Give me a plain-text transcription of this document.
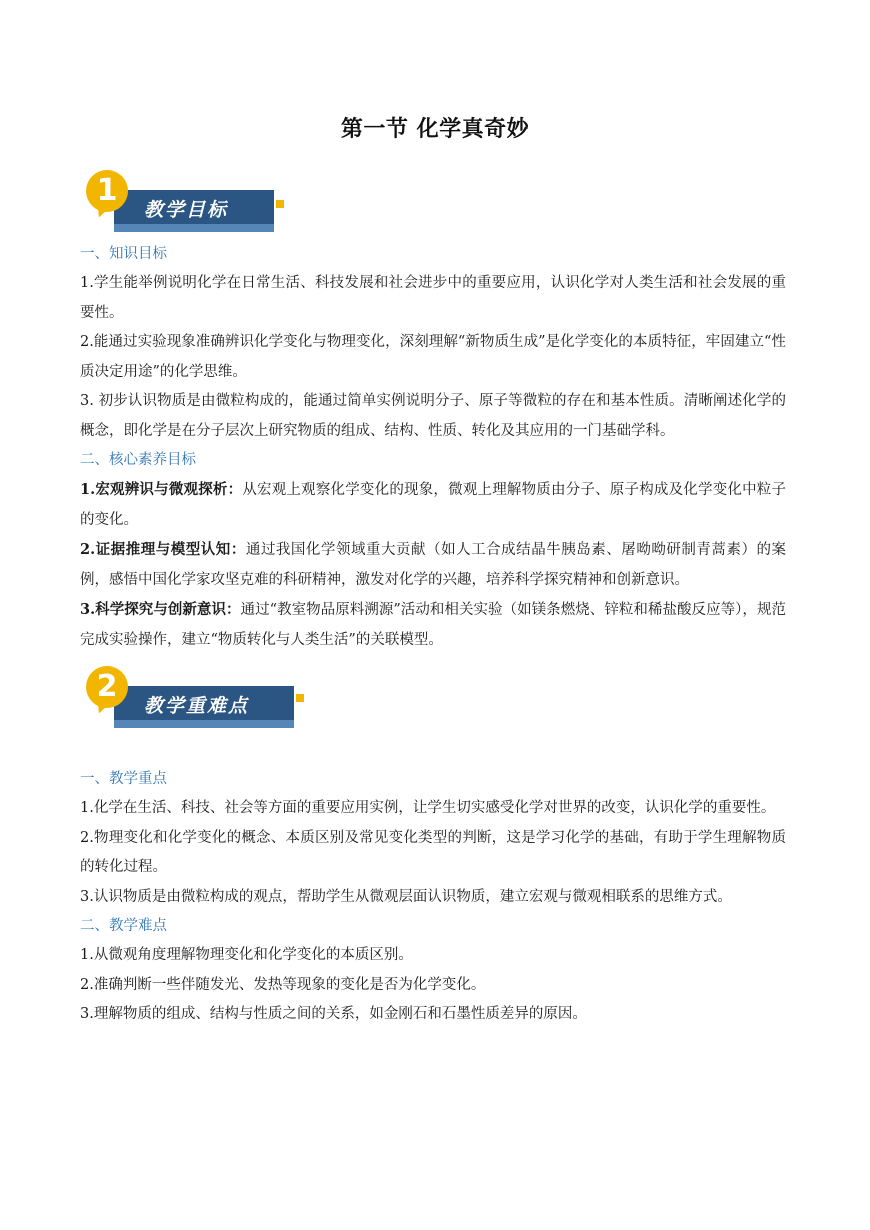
第一节 化学真奇妙
1
教学目标

一、知识目标

1.学生能举例说明化学在日常生活、科技发展和社会进步中的重要应用，认识化学对人类生活和社会发展的重要性。

2.能通过实验现象准确辨识化学变化与物理变化，深刻理解“新物质生成”是化学变化的本质特征，牢固建立“性质决定用途”的化学思维。

3. 初步认识物质是由微粒构成的，能通过简单实例说明分子、原子等微粒的存在和基本性质。清晰阐述化学的概念，即化学是在分子层次上研究物质的组成、结构、性质、转化及其应用的一门基础学科。

二、核心素养目标

1.宏观辨识与微观探析：从宏观上观察化学变化的现象，微观上理解物质由分子、原子构成及化学变化中粒子的变化。

2.证据推理与模型认知：通过我国化学领域重大贡献（如人工合成结晶牛胰岛素、屠呦呦研制青蒿素）的案例，感悟中国化学家攻坚克难的科研精神，激发对化学的兴趣，培养科学探究精神和创新意识。

3.科学探究与创新意识：通过“教室物品原料溯源”活动和相关实验（如镁条燃烧、锌粒和稀盐酸反应等），规范完成实验操作，建立“物质转化与人类生活”的关联模型。

2
教学重难点

一、教学重点

1.化学在生活、科技、社会等方面的重要应用实例，让学生切实感受化学对世界的改变，认识化学的重要性。

2.物理变化和化学变化的概念、本质区别及常见变化类型的判断，这是学习化学的基础，有助于学生理解物质的转化过程。

3.认识物质是由微粒构成的观点，帮助学生从微观层面认识物质，建立宏观与微观相联系的思维方式。

二、教学难点

1.从微观角度理解物理变化和化学变化的本质区别。

2.准确判断一些伴随发光、发热等现象的变化是否为化学变化。

3.理解物质的组成、结构与性质之间的关系，如金刚石和石墨性质差异的原因。
